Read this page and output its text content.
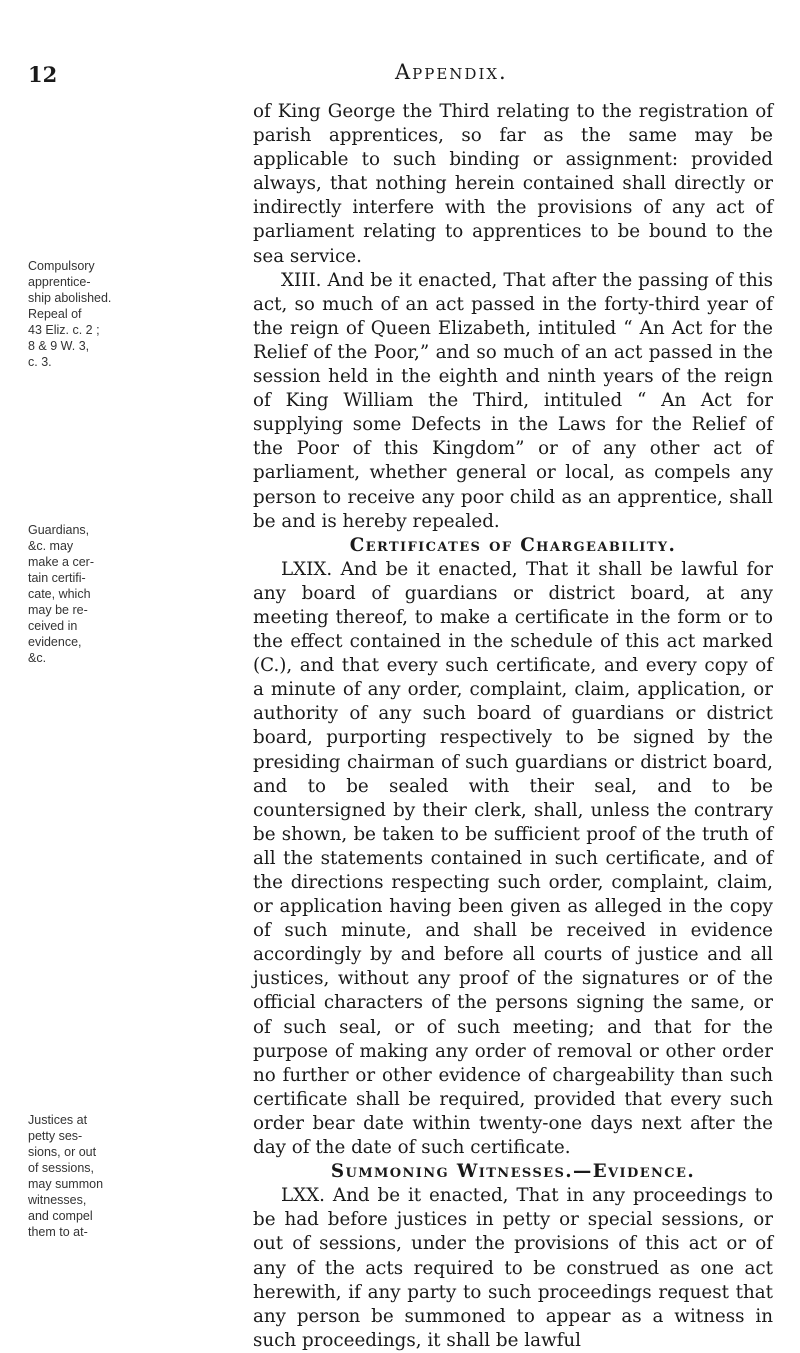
12	Appendix.

Compulsory
apprentice-
ship abolished.
Repeal of
43 Eliz. c. 2 ;
8 & 9 W. 3,
c. 3.
Guardians,
&c. may
make a cer-
tain certifi-
cate, which
may be re-
ceived in
evidence,
&c.
Justices at
petty ses-
sions, or out
of sessions,
may summon
witnesses,
and compel
them to at-

of King George the Third relating to the registration of parish apprentices, so far as the same may be applicable to such binding or assignment: provided always, that nothing herein contained shall directly or indirectly interfere with the provisions of any act of parliament relating to apprentices to be bound to the sea service.

XIII. And be it enacted, That after the passing of this act, so much of an act passed in the forty-third year of the reign of Queen Elizabeth, intituled “ An Act for the Relief of the Poor,” and so much of an act passed in the session held in the eighth and ninth years of the reign of King William the Third, intituled “ An Act for supplying some Defects in the Laws for the Relief of the Poor of this Kingdom” or of any other act of parliament, whether general or local, as compels any person to receive any poor child as an apprentice, shall be and is hereby repealed.

Certificates of Chargeability.

LXIX. And be it enacted, That it shall be lawful for any board of guardians or district board, at any meeting thereof, to make a certificate in the form or to the effect contained in the schedule of this act marked (C.), and that every such certificate, and every copy of a minute of any order, complaint, claim, application, or authority of any such board of guardians or district board, purporting respectively to be signed by the presiding chairman of such guardians or district board, and to be sealed with their seal, and to be countersigned by their clerk, shall, unless the contrary be shown, be taken to be sufficient proof of the truth of all the statements contained in such certificate, and of the directions respecting such order, complaint, claim, or application having been given as alleged in the copy of such minute, and shall be received in evidence accordingly by and before all courts of justice and all justices, without any proof of the signatures or of the official characters of the persons signing the same, or of such seal, or of such meeting; and that for the purpose of making any order of removal or other order no further or other evidence of chargeability than such certificate shall be required, provided that every such order bear date within twenty-one days next after the day of the date of such certificate.

Summoning Witnesses.—Evidence.

LXX. And be it enacted, That in any proceedings to be had before justices in petty or special sessions, or out of sessions, under the provisions of this act or of any of the acts required to be construed as one act herewith, if any party to such proceedings request that any person be summoned to appear as a witness in such proceedings, it shall be lawful
